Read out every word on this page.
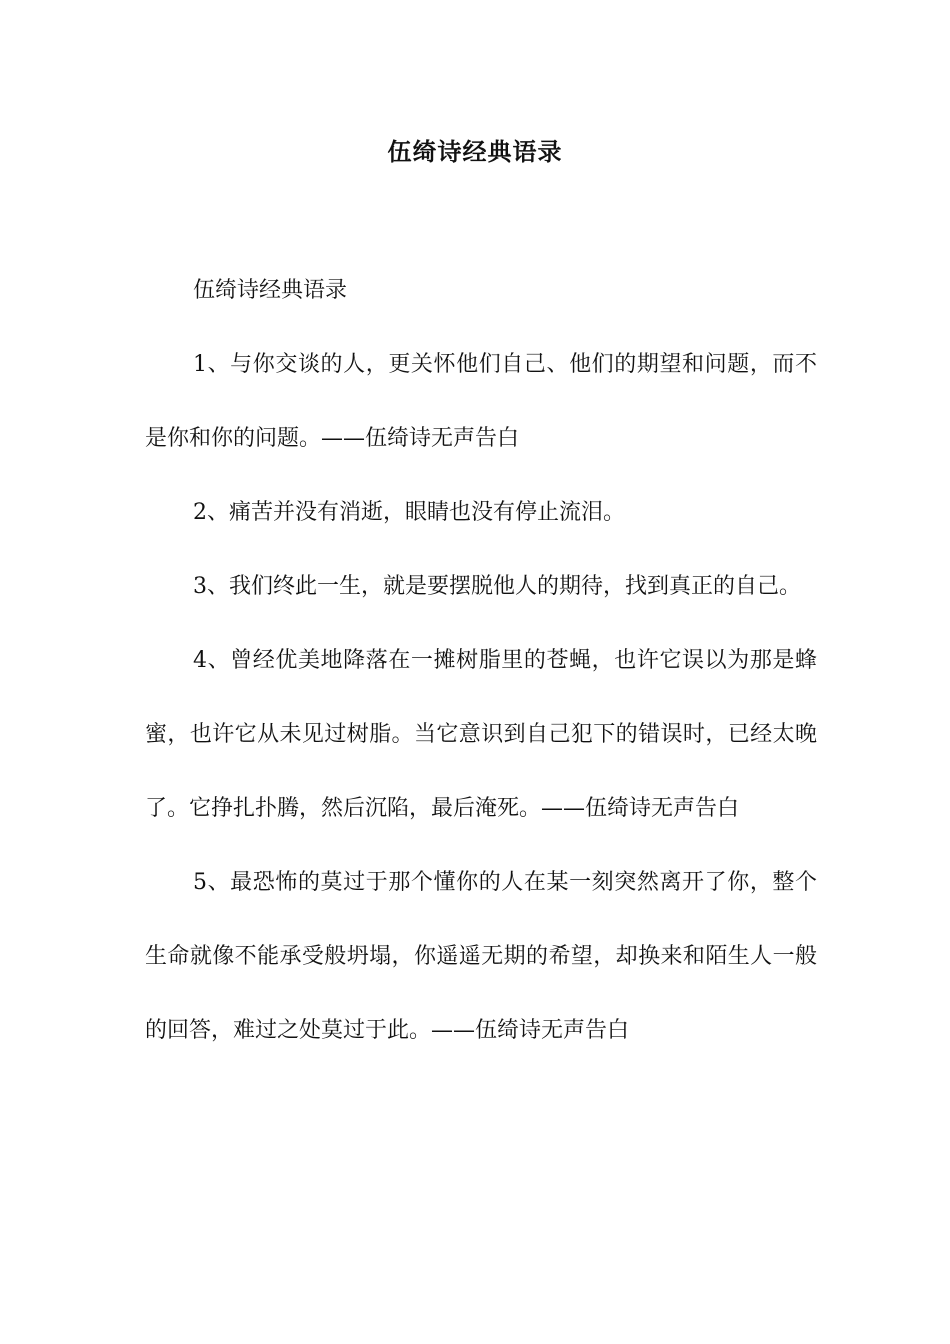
伍绮诗经典语录

伍绮诗经典语录

1、与你交谈的人，更关怀他们自己、他们的期望和问题，而不是你和你的问题。——伍绮诗无声告白

2、痛苦并没有消逝，眼睛也没有停止流泪。

3、我们终此一生，就是要摆脱他人的期待，找到真正的自己。

4、曾经优美地降落在一摊树脂里的苍蝇，也许它误以为那是蜂蜜，也许它从未见过树脂。当它意识到自己犯下的错误时，已经太晚了。它挣扎扑腾，然后沉陷，最后淹死。——伍绮诗无声告白

5、最恐怖的莫过于那个懂你的人在某一刻突然离开了你，整个生命就像不能承受般坍塌，你遥遥无期的希望，却换来和陌生人一般的回答，难过之处莫过于此。——伍绮诗无声告白
